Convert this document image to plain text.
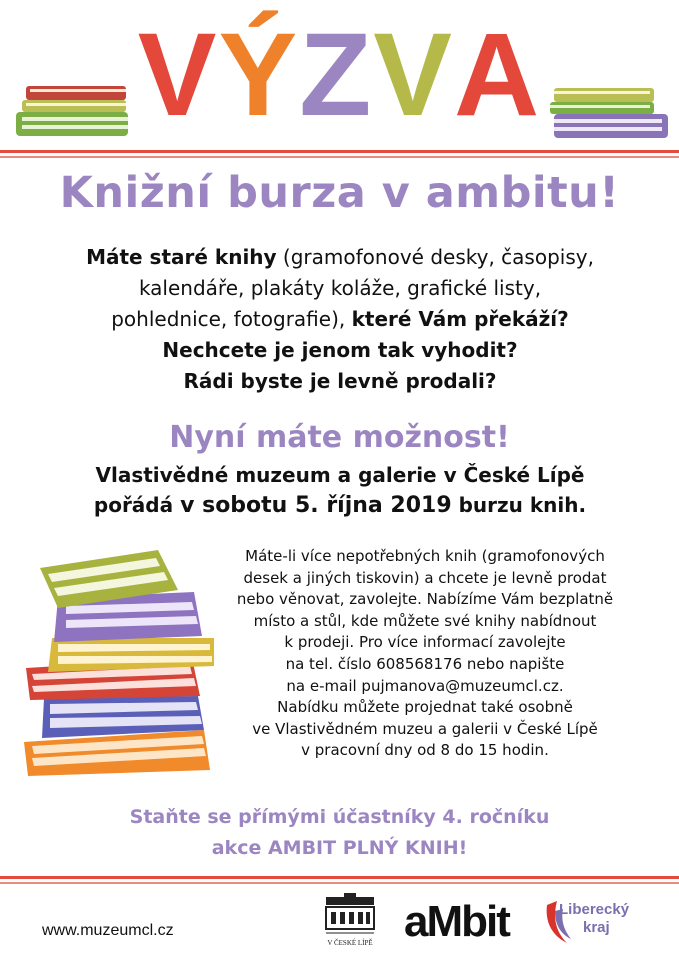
VÝZVA
Knižní burza v ambitu!
Máte staré knihy (gramofonové desky, časopisy,
kalendáře, plakáty koláže, grafické listy,
pohlednice, fotografie), které Vám překáží?
Nechcete je jenom tak vyhodit?
Rádi byste je levně prodali?
Nyní máte možnost!
Vlastivědné muzeum a galerie v České Lípě
pořádá v sobotu 5. října 2019 burzu knih.
Máte-li více nepotřebných knih (gramofonových
desek a jiných tiskovin) a chcete je levně prodat
nebo věnovat, zavolejte. Nabízíme Vám bezplatně
místo a stůl, kde můžete své knihy nabídnout
k prodeji. Pro více informací zavolejte
na tel. číslo 608568176 nebo napište
na e-mail pujmanova@muzeumcl.cz.
Nabídku můžete projednat také osobně
ve Vlastivědném muzeu a galerii v České Lípě
v pracovní dny od 8 do 15 hodin.
Staňte se přímými účastníky 4. ročníku
akce AMBIT PLNÝ KNIH!
www.muzeumcl.cz
V ČESKÉ LÍPĚ aMbit	Liberecký
kraj
